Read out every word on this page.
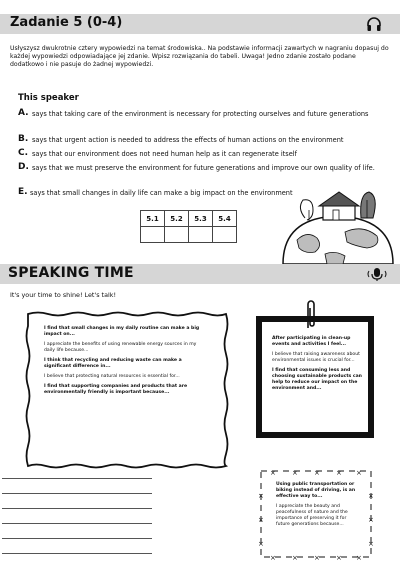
Zadanie 5 (0-4)
Usłyszysz dwukrotnie cztery wypowiedzi na temat środowiska.. Na podstawie informacji zawartych w nagraniu dopasuj do każdej wypowiedzi odpowiadające jej zdanie. Wpisz rozwiązania do tabeli. Uwaga! Jedno zdanie zostało podane dodatkowo i nie pasuje do żadnej wypowiedzi.
This speaker
A. says that taking care of the environment is necessary for protecting ourselves and future generations
B. says that urgent action is needed to address the effects of human actions on the environment
C. says that our environment does not need human help as it can regenerate itself
D. says that we must preserve the environment for future generations and improve our own quality of life.
E. says that small changes in daily life can make a big impact on the environment
5.1	5.2	5.3	5.4

SPEAKING TIME
It's your time to shine! Let's talk!

I find that small changes in my daily routine can make a big impact on...

I appreciate the benefits of using renewable energy sources in my daily life because...

I think that recycling and reducing waste can make a significant difference in...

I believe that protecting natural resources is essential for...

I find that supporting companies and products that are environmentally friendly is important because...

After participating in clean-up events and activities I feel...

I believe that raising awareness about environmental issues is crucial for...

I find that consuming less and choosing sustainable products can help to reduce our impact on the environment and...

× × × × ×
× × × × ×
×
×
×
×
×
×

Using public transportation or biking instead of driving, is an effective way to...

I appreciate the beauty and peacefulness of nature and the importance of preserving it for future generations because...
